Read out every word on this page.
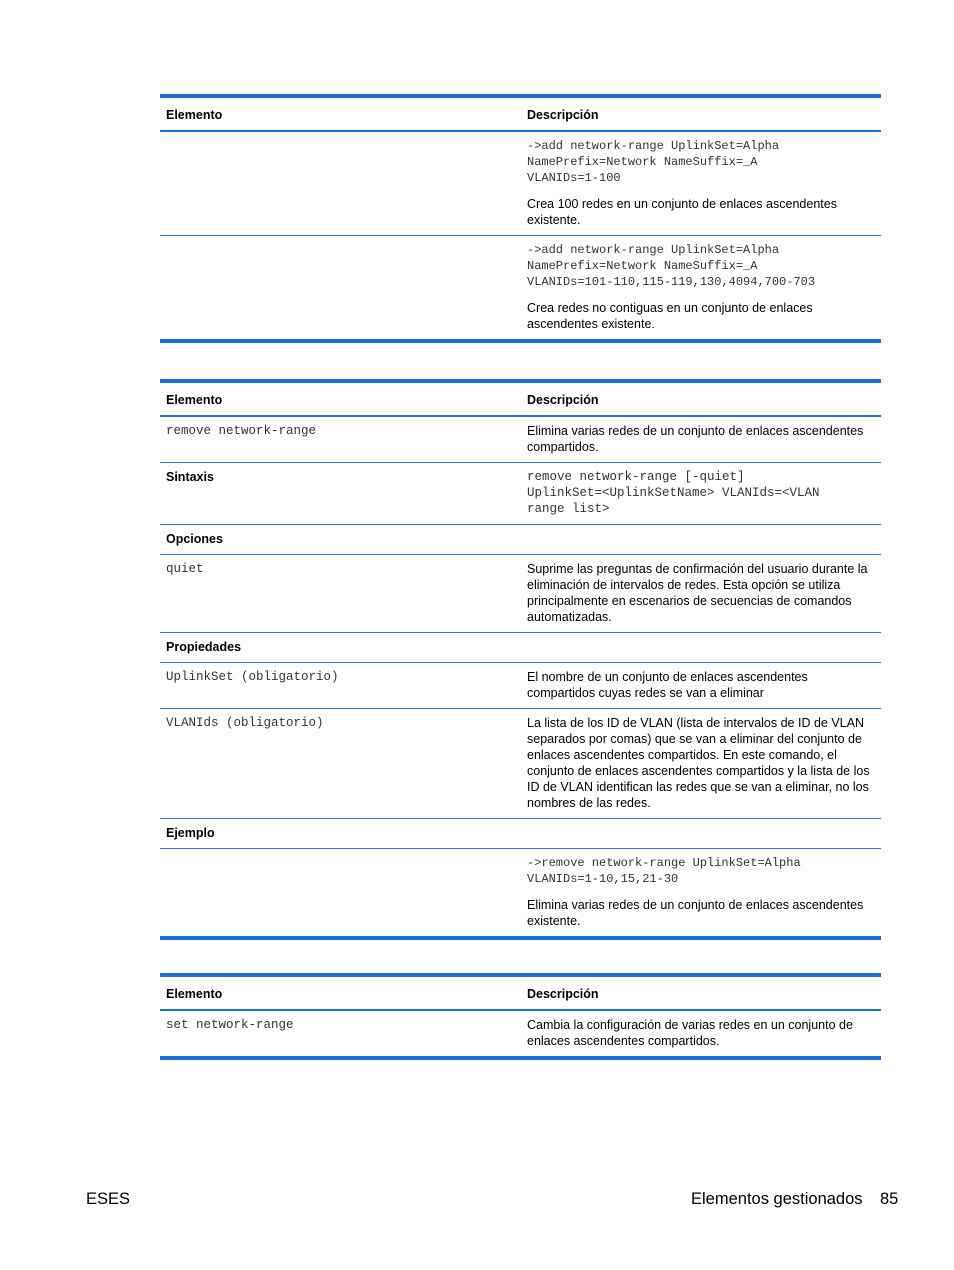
Elemento	Descripción

	->add network-range UplinkSet=Alpha
NamePrefix=Network NameSuffix=_A
VLANIDs=1-100
Crea 100 redes en un conjunto de enlaces ascendentes existente.

	->add network-range UplinkSet=Alpha
NamePrefix=Network NameSuffix=_A
VLANIDs=101-110,115-119,130,4094,700-703
Crea redes no contiguas en un conjunto de enlaces ascendentes existente.
Elemento	Descripción
remove network-range	Elimina varias redes de un conjunto de enlaces ascendentes compartidos.
Sintaxis	remove network-range [-quiet]
UplinkSet=<UplinkSetName> VLANIds=<VLAN
range list>
Opciones	
quiet	Suprime las preguntas de confirmación del usuario durante la eliminación de intervalos de redes. Esta opción se utiliza principalmente en escenarios de secuencias de comandos automatizadas.
Propiedades	
UplinkSet (obligatorio)	El nombre de un conjunto de enlaces ascendentes compartidos cuyas redes se van a eliminar
VLANIds (obligatorio)	La lista de los ID de VLAN (lista de intervalos de ID de VLAN separados por comas) que se van a eliminar del conjunto de enlaces ascendentes compartidos. En este comando, el conjunto de enlaces ascendentes compartidos y la lista de los ID de VLAN identifican las redes que se van a eliminar, no los nombres de las redes.
Ejemplo	

	->remove network-range UplinkSet=Alpha
VLANIDs=1-10,15,21-30
Elimina varias redes de un conjunto de enlaces ascendentes existente.
Elemento	Descripción
set network-range	Cambia la configuración de varias redes en un conjunto de enlaces ascendentes compartidos.
ESES	Elementos gestionados 85
